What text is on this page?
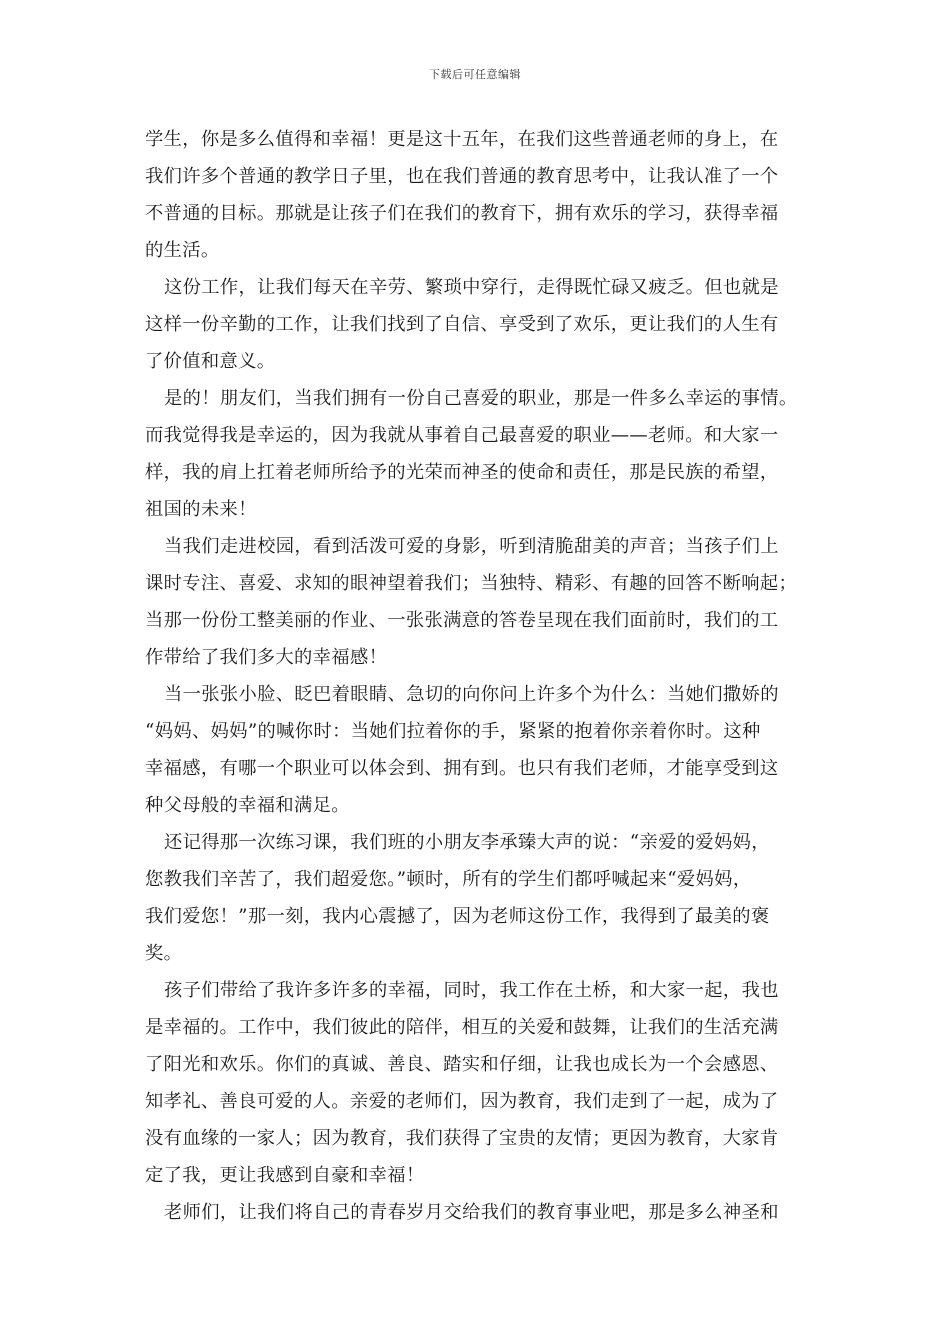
下载后可任意编辑
学生，你是多么值得和幸福！更是这十五年，在我们这些普通老师的身上，在
我们许多个普通的教学日子里，也在我们普通的教育思考中，让我认准了一个
不普通的目标。那就是让孩子们在我们的教育下，拥有欢乐的学习，获得幸福
的生活。
这份工作，让我们每天在辛劳、繁琐中穿行，走得既忙碌又疲乏。但也就是
这样一份辛勤的工作，让我们找到了自信、享受到了欢乐，更让我们的人生有
了价值和意义。
是的！朋友们，当我们拥有一份自己喜爱的职业，那是一件多么幸运的事情。
而我觉得我是幸运的，因为我就从事着自己最喜爱的职业——老师。和大家一
样，我的肩上扛着老师所给予的光荣而神圣的使命和责任，那是民族的希望，
祖国的未来！
当我们走进校园，看到活泼可爱的身影，听到清脆甜美的声音；当孩子们上
课时专注、喜爱、求知的眼神望着我们；当独特、精彩、有趣的回答不断响起；
当那一份份工整美丽的作业、一张张满意的答卷呈现在我们面前时，我们的工
作带给了我们多大的幸福感！
当一张张小脸、眨巴着眼睛、急切的向你问上许多个为什么：当她们撒娇的
“妈妈、妈妈”的喊你时：当她们拉着你的手，紧紧的抱着你亲着你时。这种
幸福感，有哪一个职业可以体会到、拥有到。也只有我们老师，才能享受到这
种父母般的幸福和满足。
还记得那一次练习课，我们班的小朋友李承臻大声的说：“亲爱的爱妈妈，
您教我们辛苦了，我们超爱您。”顿时，所有的学生们都呼喊起来“爱妈妈，
我们爱您！”那一刻，我内心震撼了，因为老师这份工作，我得到了最美的褒
奖。
孩子们带给了我许多许多的幸福，同时，我工作在土桥，和大家一起，我也
是幸福的。工作中，我们彼此的陪伴，相互的关爱和鼓舞，让我们的生活充满
了阳光和欢乐。你们的真诚、善良、踏实和仔细，让我也成长为一个会感恩、
知孝礼、善良可爱的人。亲爱的老师们，因为教育，我们走到了一起，成为了
没有血缘的一家人；因为教育，我们获得了宝贵的友情；更因为教育，大家肯
定了我，更让我感到自豪和幸福！
老师们，让我们将自己的青春岁月交给我们的教育事业吧，那是多么神圣和
